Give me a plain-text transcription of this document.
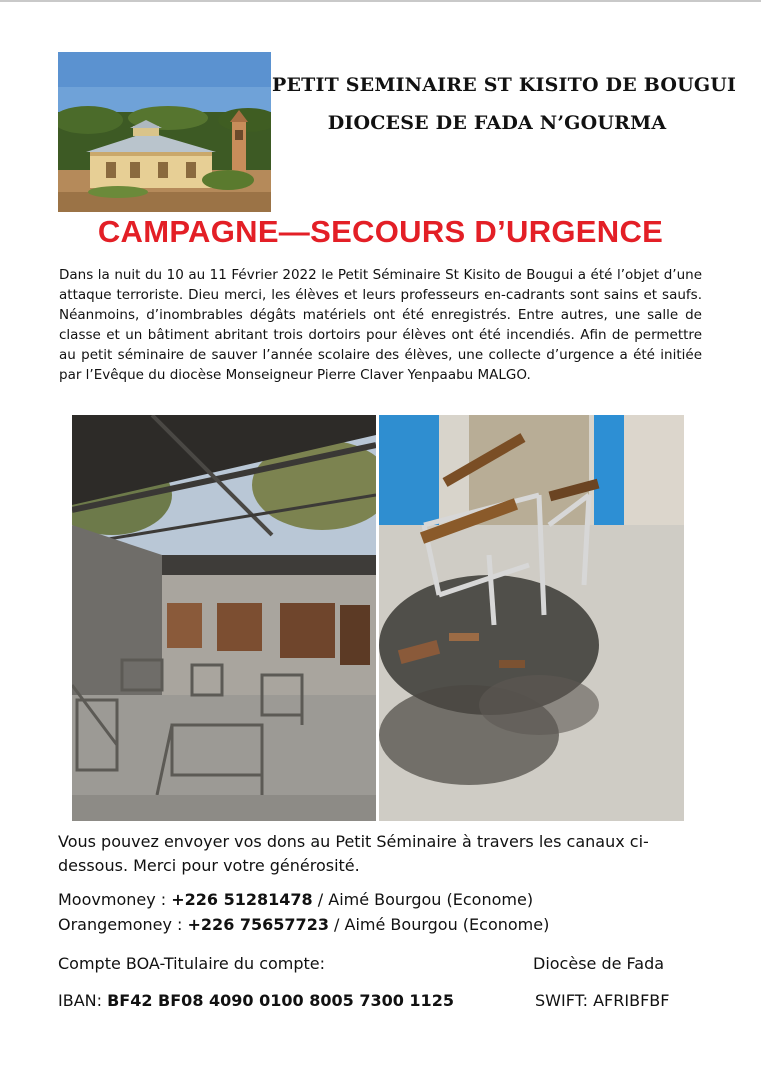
PETIT SEMINAIRE ST KISITO DE BOUGUI
DIOCESE DE FADA N’GOURMA
CAMPAGNE—SECOURS D’URGENCE
Dans la nuit du 10 au 11 Février 2022 le Petit Séminaire St Kisito de Bougui a été l’objet d’une attaque terroriste. Dieu merci, les élèves et leurs professeurs en-cadrants sont sains et saufs. Néanmoins, d’inombrables dégâts matériels ont été enregistrés. Entre autres, une salle de classe et un bâtiment abritant trois dortoirs pour élèves ont été incendiés. Afin de permettre au petit séminaire de sauver l’année scolaire des élèves, une collecte d’urgence a été initiée par l’Evêque du diocèse Monseigneur Pierre Claver Yenpaabu MALGO.
Vous pouvez envoyer vos dons au Petit Séminaire à travers les canaux ci-dessous. Merci pour votre générosité.
Moovmoney : +226 51281478 / Aimé Bourgou (Econome)
Orangemoney : +226 75657723 / Aimé Bourgou (Econome)
Compte BOA-Titulaire du compte:	Diocèse de Fada
IBAN: BF42 BF08 4090 0100 8005 7300 1125	SWIFT: AFRIBFBF
